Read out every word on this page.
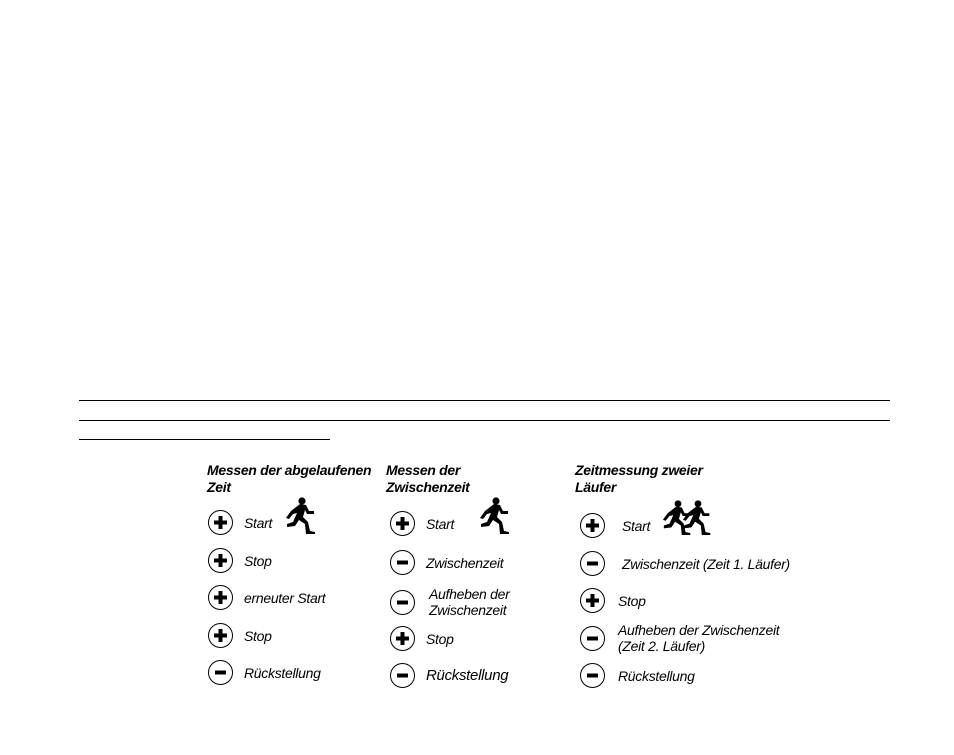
Messen der abgelaufenen
Zeit
Start
Stop
erneuter Start
Stop
Rückstellung
Messen der
Zwischenzeit
Start
Zwischenzeit
Aufheben der
Zwischenzeit
Stop
Rückstellung
Zeitmessung zweier
Läufer
Start
Zwischenzeit (Zeit 1. Läufer)
Stop
Aufheben der Zwischenzeit
(Zeit 2. Läufer)
Rückstellung
